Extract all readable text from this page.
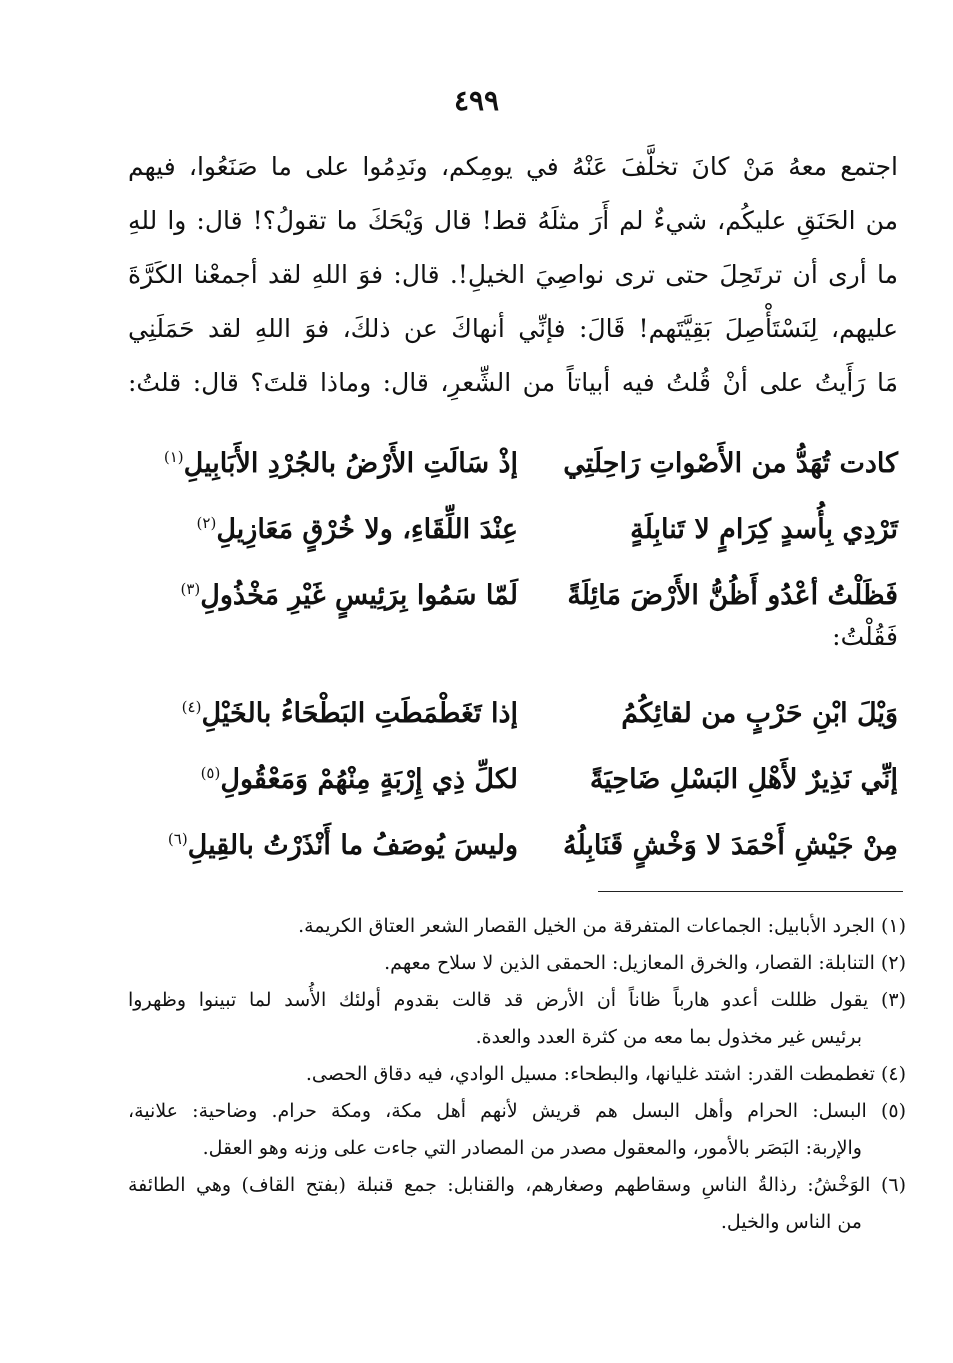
٤٩٩

اجتمع معهُ مَنْ كانَ تخلَّفَ عَنْهُ في يومِكم، ونَدِمُوا على ما صَنَعُوا، فيهم

من الحَنَقِ عليكُم، شيءٌ لم أَرَ مثلَهُ قط! قال وَيْحَكَ ما تقولُ؟! قال: وا للهِ

ما أرى أن ترتَحِلَ حتى ترى نواصِيَ الخيلِ!. قال: فوَ اللهِ لقد أجمعْنا الكَرَّةَ

عليهم، لِنَسْتَأْصِلَ بَقِيَّتَهم! قَالَ: فإنِّي أنهاكَ عن ذلكَ، فوَ اللهِ لقد حَمَلَنِي

مَا رَأَيتُ على أنْ قُلتُ فيه أبياتاً من الشِّعرِ، قال: وماذا قلتَ؟ قال: قلتُ:

كادت تُهَدُّ من الأَصْواتِ رَاحِلَتِي
إذْ سَالَتِ الأَرْضُ بالجُرْدِ الأَبَابِيلِ$^{(١)}$
تَرْدِي بِأُسدٍ كِرَامٍ لا تَنابِلَةٍ
عِنْدَ اللِّقَاءِ، ولا خُرْقٍ مَعَازِيلِ$^{(٢)}$
فَظَلْتُ أعْدُو أَظُنُّ الأَرْضَ مَائِلَةً
لَمّا سَمُوا بِرَئِيسٍ غَيْرِ مَخْذُولِ$^{(٣)}$

فَقُلْتُ:

وَيْلَ ابْنِ حَرْبٍ من لقائِكُمُ
إذا تَغَطْمَطَتِ البَطْحَاءُ بالخَيْلِ$^{(٤)}$
إنِّي نَذِيرٌ لأَهْلِ البَسْلِ ضَاحِيَةً
لكلِّ ذِي إِرْبَةٍ مِنْهُمْ وَمَعْقُولِ$^{(٥)}$
مِنْ جَيْشِ أَحْمَدَ لا وَخْشٍ قَنَابِلُهُ
وليسَ يُوصَفُ ما أَنْذَرْتُ بالقِيلِ$^{(٦)}$
(١) الجرد الأبابيل: الجماعات المتفرقة من الخيل القصار الشعر العتاق الكريمة.
(٢) التنابلة: القصار، والخرق المعازيل: الحمقى الذين لا سلاح معهم.
(٣) يقول ظللت أعدو هارباً ظاناً أن الأرض قد قالت بقدوم أولئك الأُسد لما تبينوا وظهروا
برئيس غير مخذول بما معه من كثرة العدد والعدة.
(٤) تغطمطت القدر: اشتد غليانها، والبطحاء: مسيل الوادي، فيه دقاق الحصى.
(٥) البسل: الحرام وأهل البسل هم قريش لأنهم أهل مكة، ومكة حرام. وضاحية: علانية،
والإربة: البَصَر بالأمور، والمعقول مصدر من المصادر التي جاءت على وزنه وهو العقل.
(٦) الوَخْشُ: رذالةُ الناسِ وسقاطهم وصغارهم، والقنابل: جمع قنبلة (بفتح القاف) وهي الطائفة
من الناس والخيل.
